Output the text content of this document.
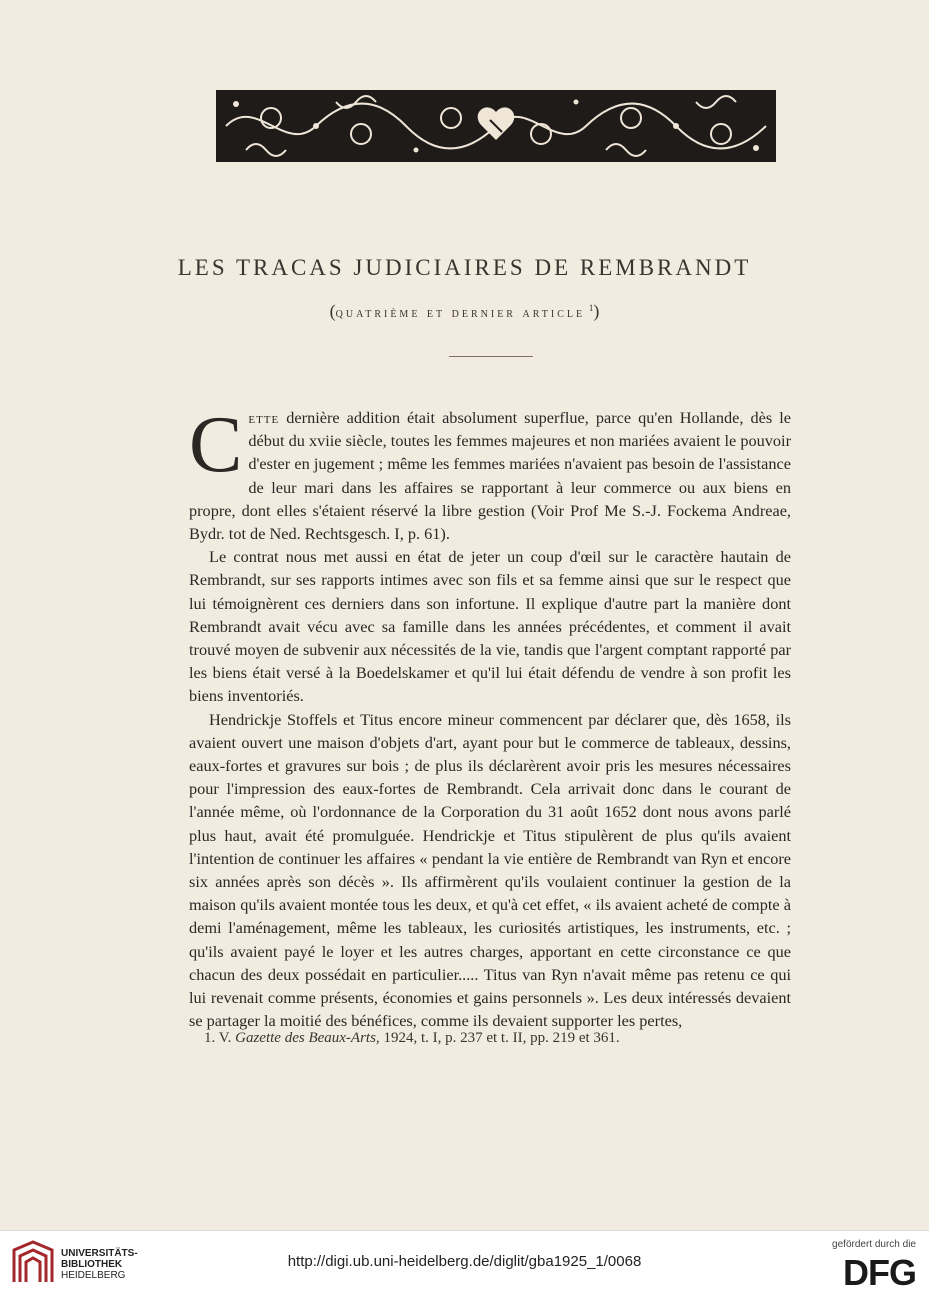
LES TRACAS JUDICIAIRES DE REMBRANDT
(quatrième et dernier article $^1$)

Cette dernière addition était absolument superflue, parce qu'en Hollande, dès le début du xviie siècle, toutes les femmes majeures et non mariées avaient le pouvoir d'ester en jugement ; même les femmes mariées n'avaient pas besoin de l'assistance de leur mari dans les affaires se rapportant à leur commerce ou aux biens en propre, dont elles s'étaient réservé la libre gestion (Voir Prof Me S.-J. Fockema Andreae, Bydr. tot de Ned. Rechtsgesch. I, p. 61).

Le contrat nous met aussi en état de jeter un coup d'œil sur le caractère hautain de Rembrandt, sur ses rapports intimes avec son fils et sa femme ainsi que sur le respect que lui témoignèrent ces derniers dans son infortune. Il explique d'autre part la manière dont Rembrandt avait vécu avec sa famille dans les années précédentes, et comment il avait trouvé moyen de subvenir aux nécessités de la vie, tandis que l'argent comptant rapporté par les biens était versé à la Boedelskamer et qu'il lui était défendu de vendre à son profit les biens inventoriés.

Hendrickje Stoffels et Titus encore mineur commencent par déclarer que, dès 1658, ils avaient ouvert une maison d'objets d'art, ayant pour but le commerce de tableaux, dessins, eaux-fortes et gravures sur bois ; de plus ils déclarèrent avoir pris les mesures nécessaires pour l'impression des eaux-fortes de Rembrandt. Cela arrivait donc dans le courant de l'année même, où l'ordonnance de la Corporation du 31 août 1652 dont nous avons parlé plus haut, avait été promulguée. Hendrickje et Titus stipulèrent de plus qu'ils avaient l'intention de continuer les affaires « pendant la vie entière de Rembrandt van Ryn et encore six années après son décès ». Ils affirmèrent qu'ils voulaient continuer la gestion de la maison qu'ils avaient montée tous les deux, et qu'à cet effet, « ils avaient acheté de compte à demi l'aménagement, même les tableaux, les curiosités artistiques, les instruments, etc. ; qu'ils avaient payé le loyer et les autres charges, apportant en cette circonstance ce que chacun des deux possédait en particulier..... Titus van Ryn n'avait même pas retenu ce qui lui revenait comme présents, économies et gains personnels ». Les deux intéressés devaient se partager la moitié des bénéfices, comme ils devaient supporter les pertes,

1. V. Gazette des Beaux-Arts, 1924, t. I, p. 237 et t. II, pp. 219 et 361.
UNIVERSITÄTS-
BIBLIOTHEK
HEIDELBERG
http://digi.ub.uni-heidelberg.de/diglit/gba1925_1/0068
gefördert durch die
DFG
